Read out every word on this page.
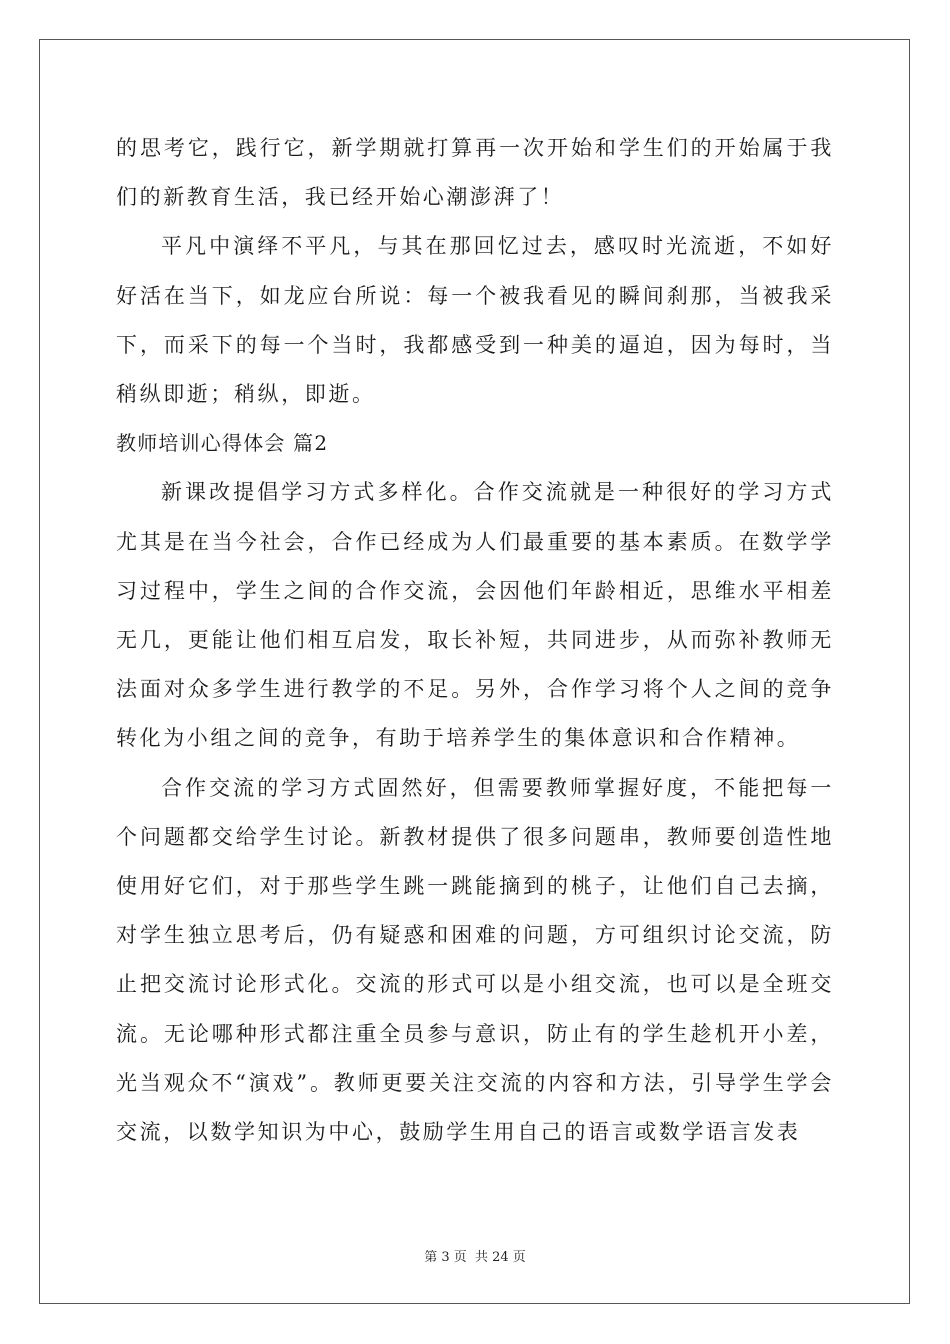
的思考它，践行它，新学期就打算再一次开始和学生们的开始属于我们的新教育生活，我已经开始心潮澎湃了！

平凡中演绎不平凡，与其在那回忆过去，感叹时光流逝，不如好好活在当下，如龙应台所说：每一个被我看见的瞬间刹那，当被我采下，而采下的每一个当时，我都感受到一种美的逼迫，因为每时，当稍纵即逝；稍纵，即逝。

教师培训心得体会 篇2

新课改提倡学习方式多样化。合作交流就是一种很好的学习方式尤其是在当今社会，合作已经成为人们最重要的基本素质。在数学学习过程中，学生之间的合作交流，会因他们年龄相近，思维水平相差无几，更能让他们相互启发，取长补短，共同进步，从而弥补教师无法面对众多学生进行教学的不足。另外，合作学习将个人之间的竞争转化为小组之间的竞争，有助于培养学生的集体意识和合作精神。

合作交流的学习方式固然好，但需要教师掌握好度，不能把每一个问题都交给学生讨论。新教材提供了很多问题串，教师要创造性地使用好它们，对于那些学生跳一跳能摘到的桃子，让他们自己去摘，对学生独立思考后，仍有疑惑和困难的问题，方可组织讨论交流，防止把交流讨论形式化。交流的形式可以是小组交流，也可以是全班交流。无论哪种形式都注重全员参与意识，防止有的学生趁机开小差，光当观众不“演戏”。教师更要关注交流的内容和方法，引导学生学会交流，以数学知识为中心，鼓励学生用自己的语言或数学语言发表

第 3 页  共 24 页
